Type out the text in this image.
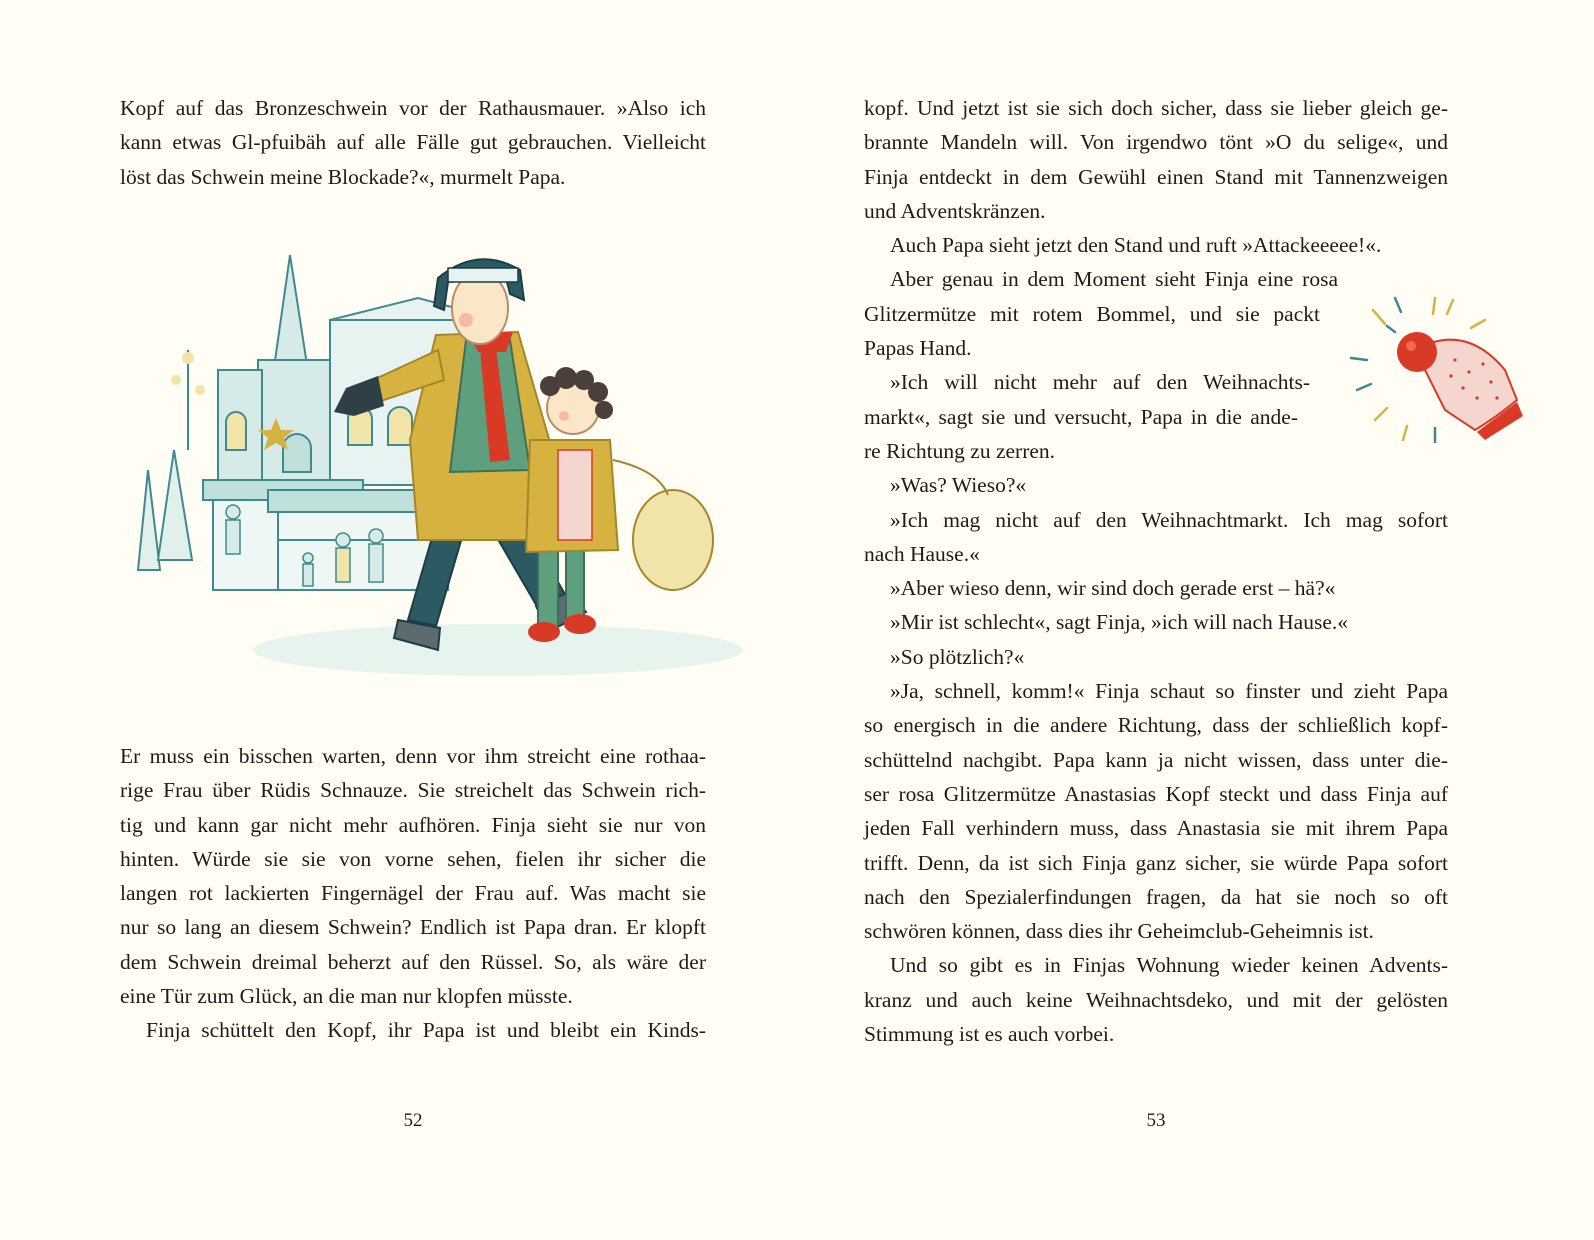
Kopf auf das Bronzeschwein vor der Rathausmauer. »Also ich
kann etwas Gl-pfuibäh auf alle Fälle gut gebrauchen. Vielleicht
löst das Schwein meine Blockade?«, murmelt Papa.
Er muss ein bisschen warten, denn vor ihm streicht eine rothaa-
rige Frau über Rüdis Schnauze. Sie streichelt das Schwein rich-
tig und kann gar nicht mehr aufhören. Finja sieht sie nur von
hinten. Würde sie sie von vorne sehen, fielen ihr sicher die
langen rot lackierten Fingernägel der Frau auf. Was macht sie
nur so lang an diesem Schwein? Endlich ist Papa dran. Er klopft
dem Schwein dreimal beherzt auf den Rüssel. So, als wäre der
eine Tür zum Glück, an die man nur klopfen müsste.
Finja schüttelt den Kopf, ihr Papa ist und bleibt ein Kinds-
52
kopf. Und jetzt ist sie sich doch sicher, dass sie lieber gleich ge-
brannte Mandeln will. Von irgendwo tönt »O du selige«, und
Finja entdeckt in dem Gewühl einen Stand mit Tannenzweigen
und Adventskränzen.
Auch Papa sieht jetzt den Stand und ruft »Attackeeeee!«.
Aber genau in dem Moment sieht Finja eine rosa
Glitzermütze mit rotem Bommel, und sie packt
Papas Hand.
»Ich will nicht mehr auf den Weihnachts-
markt«, sagt sie und versucht, Papa in die ande-
re Richtung zu zerren.
»Was? Wieso?«
»Ich mag nicht auf den Weihnachtmarkt. Ich mag sofort
nach Hause.«
»Aber wieso denn, wir sind doch gerade erst – hä?«
»Mir ist schlecht«, sagt Finja, »ich will nach Hause.«
»So plötzlich?«
»Ja, schnell, komm!« Finja schaut so finster und zieht Papa
so energisch in die andere Richtung, dass der schließlich kopf-
schüttelnd nachgibt. Papa kann ja nicht wissen, dass unter die-
ser rosa Glitzermütze Anastasias Kopf steckt und dass Finja auf
jeden Fall verhindern muss, dass Anastasia sie mit ihrem Papa
trifft. Denn, da ist sich Finja ganz sicher, sie würde Papa sofort
nach den Spezialerfindungen fragen, da hat sie noch so oft
schwören können, dass dies ihr Geheimclub-Geheimnis ist.
Und so gibt es in Finjas Wohnung wieder keinen Advents-
kranz und auch keine Weihnachtsdeko, und mit der gelösten
Stimmung ist es auch vorbei.
53
